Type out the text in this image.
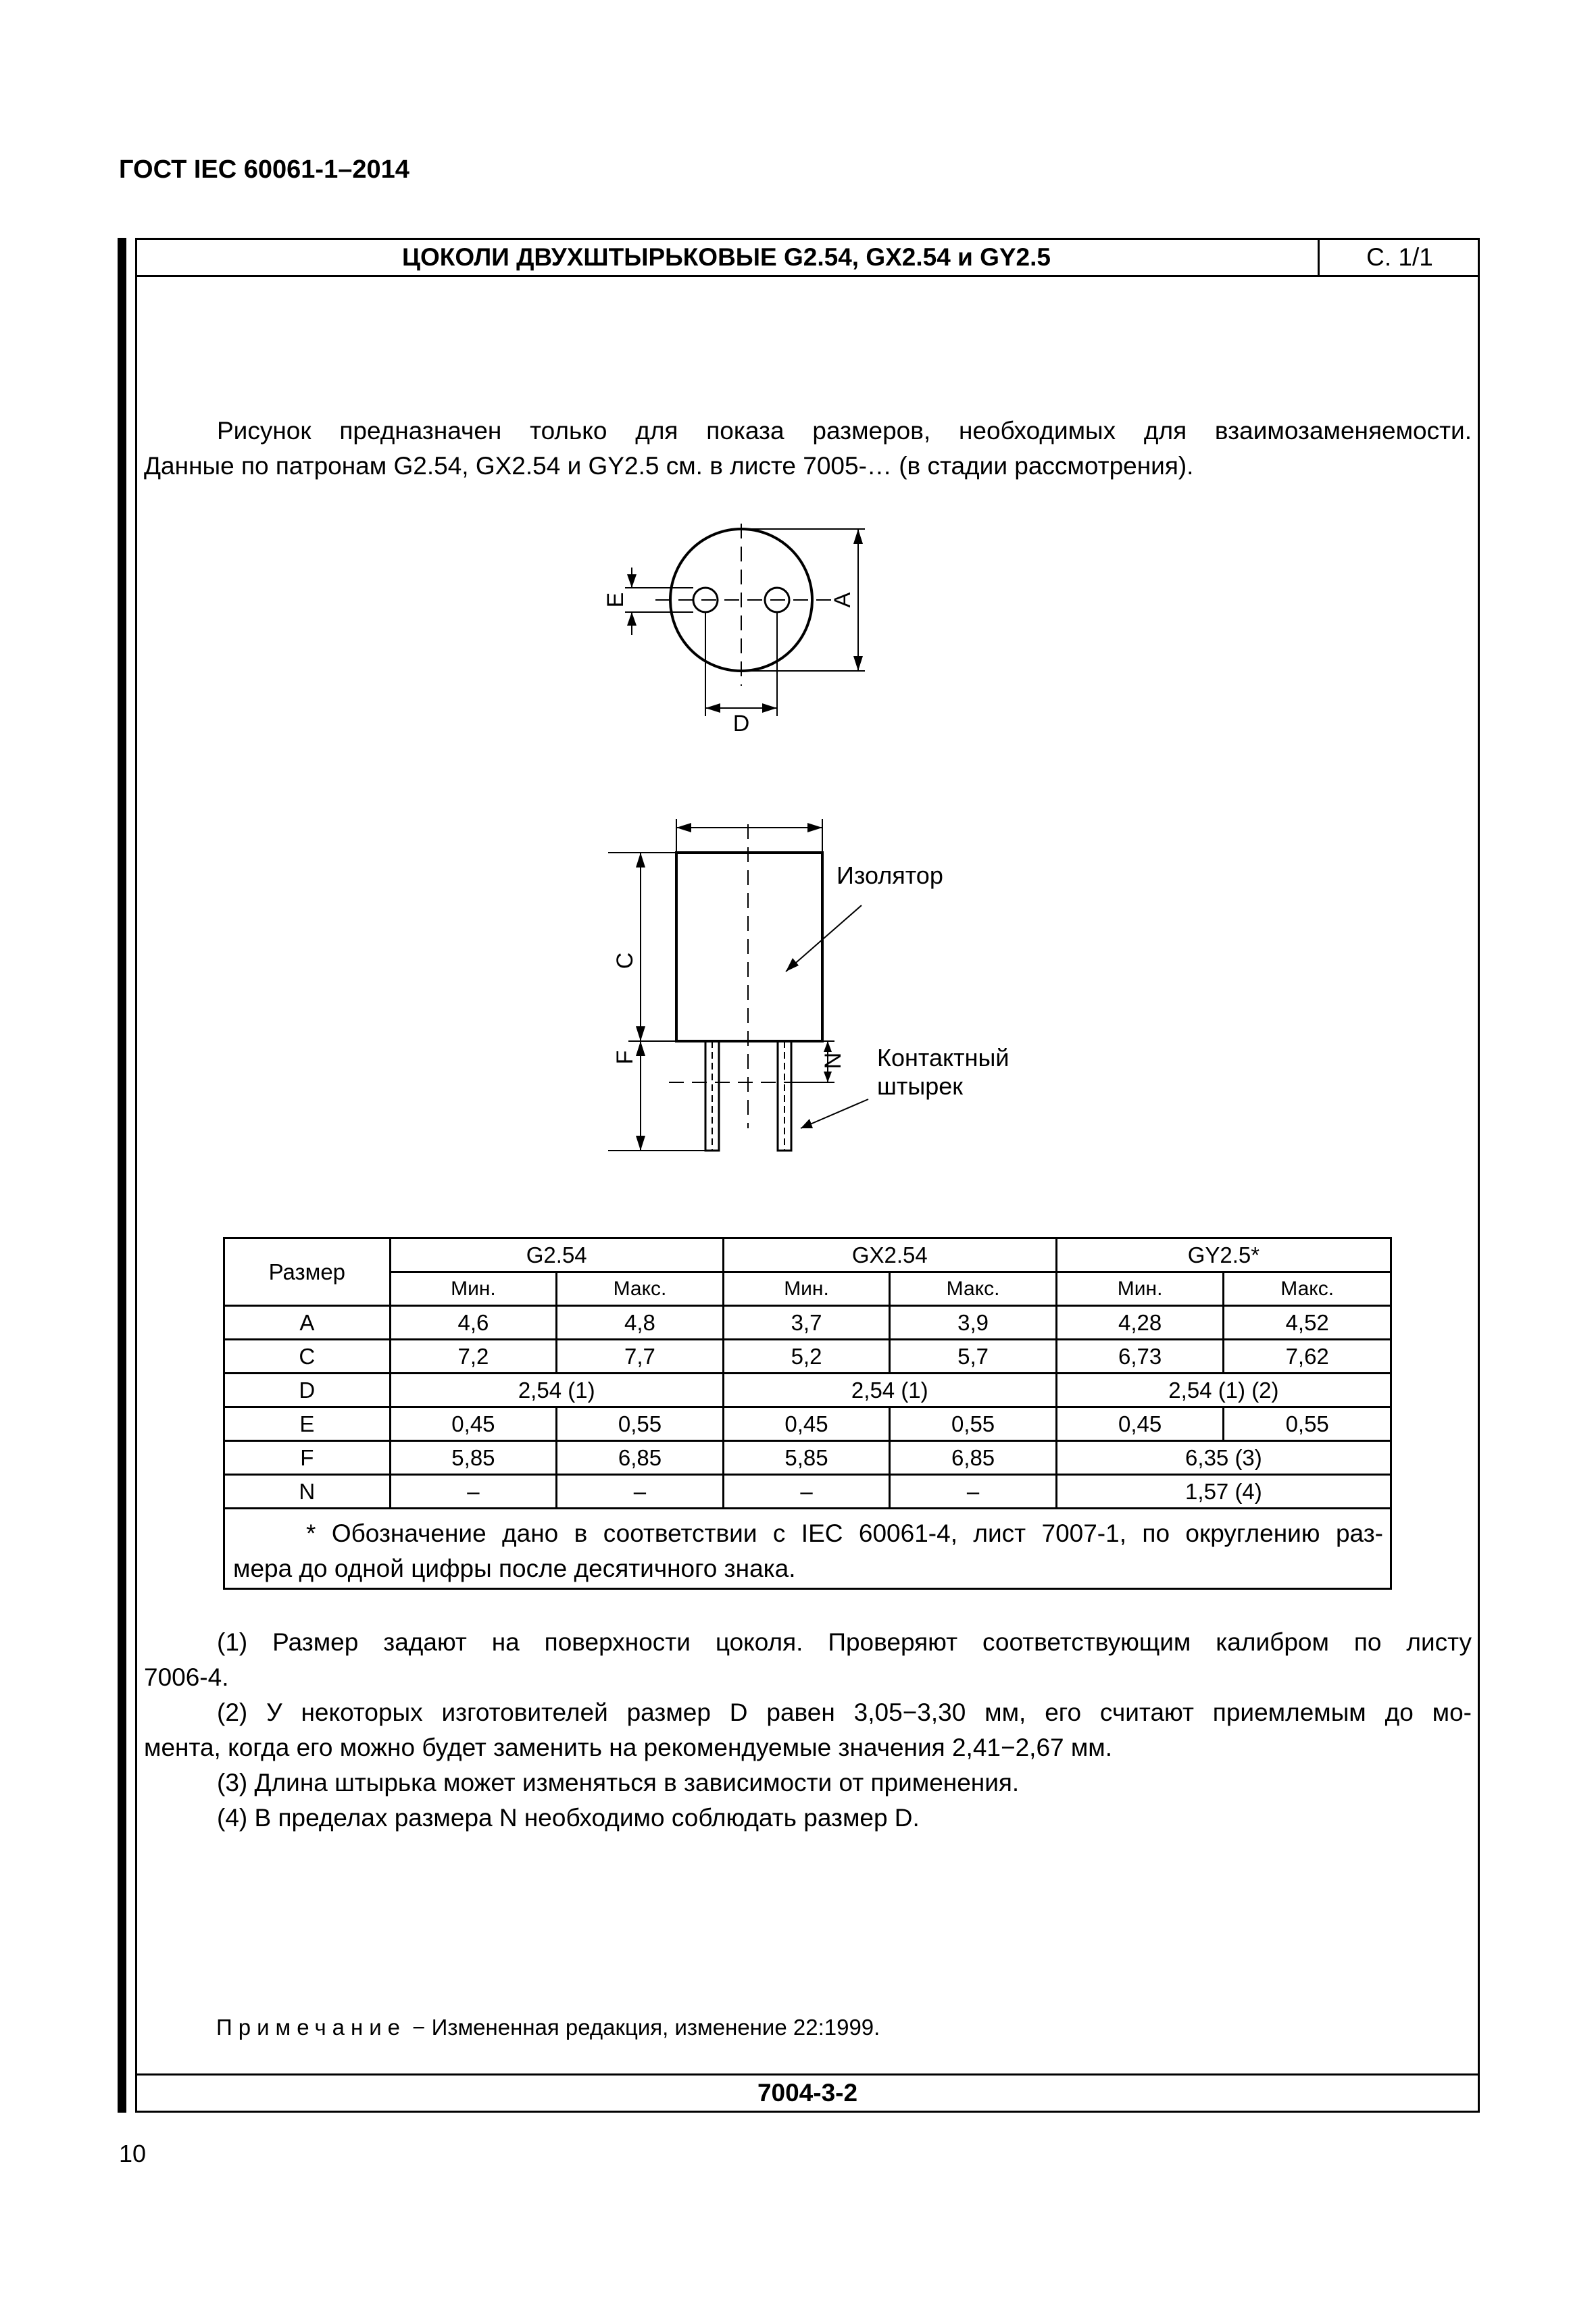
ГОСТ IEC 60061-1–2014
ЦОКОЛИ ДВУХШТЫРЬКОВЫЕ G2.54, GX2.54 и GY2.5	С. 1/1
Рисунок предназначен только для показа размеров, необходимых для взаимозаменяемости.
Данные по патронам G2.54, GX2.54 и GY2.5 см. в листе 7005-… (в стадии рассмотрения).
A
D
E
C
F	N
Изолятор
Контактный
штырек
Размер	G2.54		GX2.54		GY2.5*	
	Мин.	Макс.	Мин.	Макс.	Мин.	Макс.
A	4,6	4,8	3,7	3,9	4,28	4,52
C	7,2	7,7	5,2	5,7	6,73	7,62
D	2,54 (1)		2,54 (1)		2,54 (1) (2)	
E	0,45	0,55	0,45	0,55	0,45	0,55
F	5,85	6,85	5,85	6,85	6,35 (3)	
N	–	–	–	–	1,57 (4)	

* Обозначение дано в соответствии с IEC 60061-4, лист 7007-1, по округлению раз-
мера до одной цифры после десятичного знака.						
(1) Размер задают на поверхности цоколя. Проверяют соответствующим калибром по листу
7006-4.
(2) У некоторых изготовителей размер D равен 3,05−3,30 мм, его считают приемлемым до мо-
мента, когда его можно будет заменить на рекомендуемые значения 2,41−2,67 мм.
(3) Длина штырька может изменяться в зависимости от применения.
(4) В пределах размера N необходимо соблюдать размер D.
Примечание − Измененная редакция, изменение 22:1999.
7004-3-2
10
